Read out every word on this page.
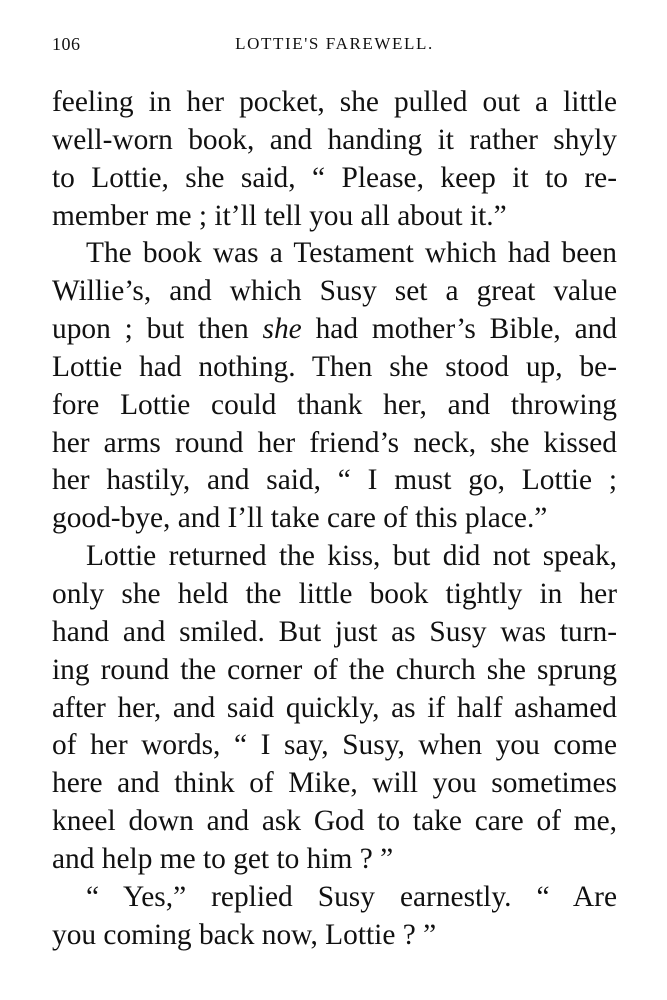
106	LOTTIE'S FAREWELL.
feeling in her pocket, she pulled out a little
well-worn book, and handing it rather shyly
to Lottie, she said, “ Please, keep it to re-
member me ; it’ll tell you all about it.”
The book was a Testament which had been
Willie’s, and which Susy set a great value
upon ; but then she had mother’s Bible, and
Lottie had nothing. Then she stood up, be-
fore Lottie could thank her, and throwing
her arms round her friend’s neck, she kissed
her hastily, and said, “ I must go, Lottie ;
good-bye, and I’ll take care of this place.”
Lottie returned the kiss, but did not speak,
only she held the little book tightly in her
hand and smiled. But just as Susy was turn-
ing round the corner of the church she sprung
after her, and said quickly, as if half ashamed
of her words, “ I say, Susy, when you come
here and think of Mike, will you sometimes
kneel down and ask God to take care of me,
and help me to get to him ? ”
“ Yes,” replied Susy earnestly. “ Are
you coming back now, Lottie ? ”
